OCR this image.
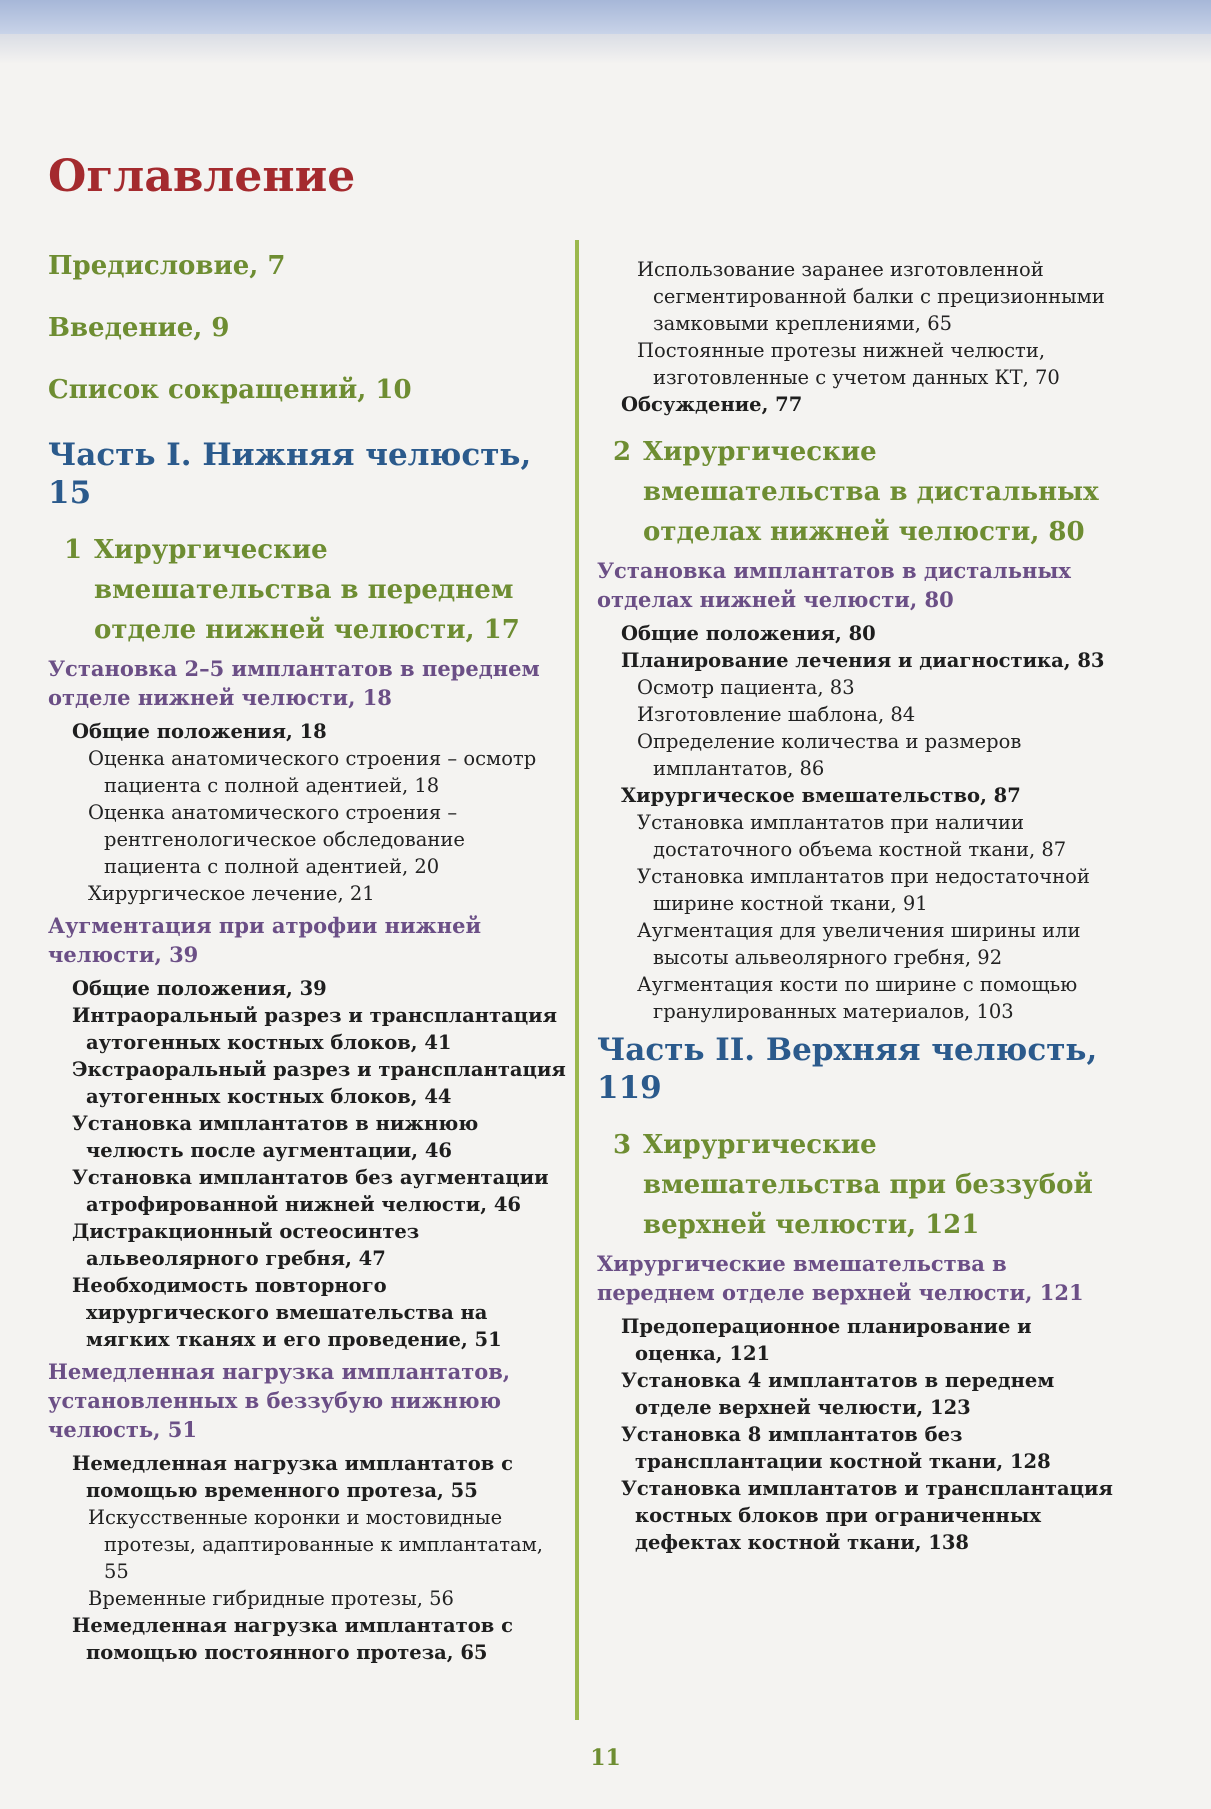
Оглавление

Предисловие, 7

Введение, 9

Список сокращений, 10

Часть I. Нижняя челюсть, 15

1 Хирургические вмешательства в переднем отделе нижней челюсти, 17

Установка 2–5 имплантатов в переднем отделе нижней челюсти, 18

Общие положения, 18

Оценка анатомического строения – осмотр пациента с полной адентией, 18

Оценка анатомического строения – рентгенологическое обследование пациента с полной адентией, 20

Хирургическое лечение, 21

Аугментация при атрофии нижней челюсти, 39

Общие положения, 39

Интраоральный разрез и трансплантация аутогенных костных блоков, 41

Экстраоральный разрез и трансплантация аутогенных костных блоков, 44

Установка имплантатов в нижнюю челюсть после аугментации, 46

Установка имплантатов без аугментации атрофированной нижней челюсти, 46

Дистракционный остеосинтез альвеолярного гребня, 47

Необходимость повторного хирургического вмешательства на мягких тканях и его проведение, 51

Немедленная нагрузка имплантатов, установленных в беззубую нижнюю челюсть, 51

Немедленная нагрузка имплантатов с помощью временного протеза, 55

Искусственные коронки и мостовидные протезы, адаптированные к имплантатам, 55

Временные гибридные протезы, 56

Немедленная нагрузка имплантатов с помощью постоянного протеза, 65

Использование заранее изготовленной сегментированной балки с прецизионными замковыми креплениями, 65

Постоянные протезы нижней челюсти, изготовленные с учетом данных КТ, 70

Обсуждение, 77

2 Хирургические вмешательства в дистальных отделах нижней челюсти, 80

Установка имплантатов в дистальных отделах нижней челюсти, 80

Общие положения, 80

Планирование лечения и диагностика, 83

Осмотр пациента, 83

Изготовление шаблона, 84

Определение количества и размеров имплантатов, 86

Хирургическое вмешательство, 87

Установка имплантатов при наличии достаточного объема костной ткани, 87

Установка имплантатов при недостаточной ширине костной ткани, 91

Аугментация для увеличения ширины или высоты альвеолярного гребня, 92

Аугментация кости по ширине с помощью гранулированных материалов, 103

Часть II. Верхняя челюсть, 119

3 Хирургические вмешательства при беззубой верхней челюсти, 121

Хирургические вмешательства в переднем отделе верхней челюсти, 121

Предоперационное планирование и оценка, 121

Установка 4 имплантатов в переднем отделе верхней челюсти, 123

Установка 8 имплантатов без трансплантации костной ткани, 128

Установка имплантатов и трансплантация костных блоков при ограниченных дефектах костной ткани, 138

11
